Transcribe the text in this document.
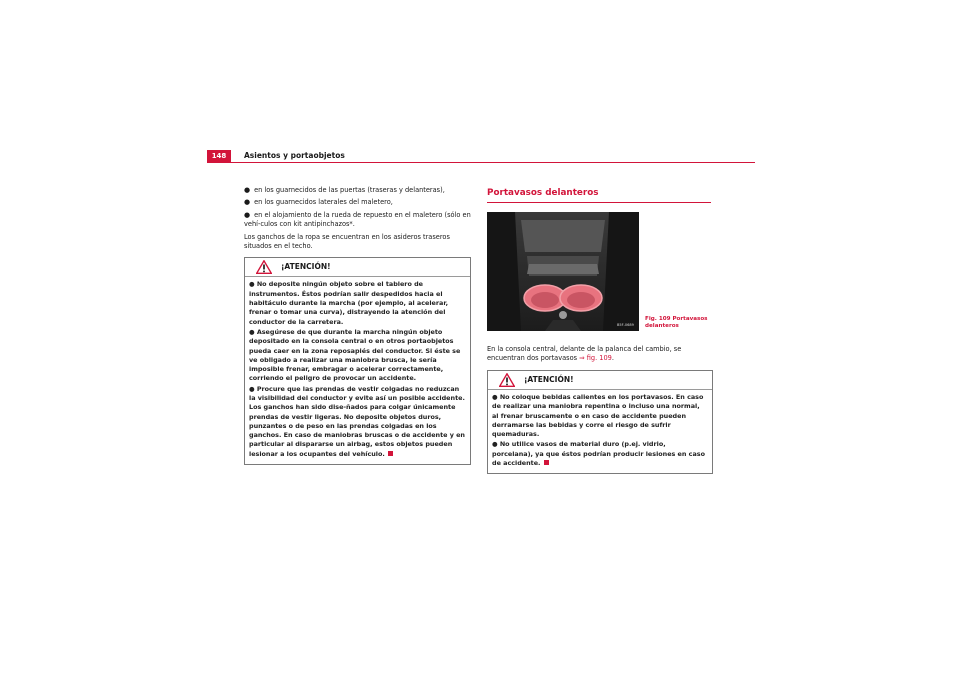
148	Asientos y portaobjetos
● en los guarnecidos de las puertas (traseras y delanteras),
● en los guarnecidos laterales del maletero,
● en el alojamiento de la rueda de repuesto en el maletero (sólo en vehí-culos con kit antipinchazos*.
Los ganchos de la ropa se encuentran en los asideros traseros situados en el techo.
¡ATENCIÓN!
● No deposite ningún objeto sobre el tablero de instrumentos. Éstos podrían salir despedidos hacia el habitáculo durante la marcha (por ejemplo, al acelerar, frenar o tomar una curva), distrayendo la atención del conductor de la carretera.
● Asegúrese de que durante la marcha ningún objeto depositado en la consola central o en otros portaobjetos pueda caer en la zona reposapiés del conductor. Si éste se ve obligado a realizar una maniobra brusca, le sería imposible frenar, embragar o acelerar correctamente, corriendo el peligro de provocar un accidente.
● Procure que las prendas de vestir colgadas no reduzcan la visibilidad del conductor y evite así un posible accidente. Los ganchos han sido dise-ñados para colgar únicamente prendas de vestir ligeras. No deposite objetos duros, punzantes o de peso en las prendas colgadas en los ganchos. En caso de maniobras bruscas o de accidente y en particular al dispararse un airbag, estos objetos pueden lesionar a los ocupantes del vehículo.
Portavasos delanteros
B5F-0689
Fig. 109 Portavasos
delanteros
En la consola central, delante de la palanca del cambio, se encuentran dos portavasos ⇒ fig. 109.
¡ATENCIÓN!
● No coloque bebidas calientes en los portavasos. En caso de realizar una maniobra repentina o incluso una normal, al frenar bruscamente o en caso de accidente pueden derramarse las bebidas y corre el riesgo de sufrir quemaduras.
● No utilice vasos de material duro (p.ej. vidrio, porcelana), ya que éstos podrían producir lesiones en caso de accidente.
